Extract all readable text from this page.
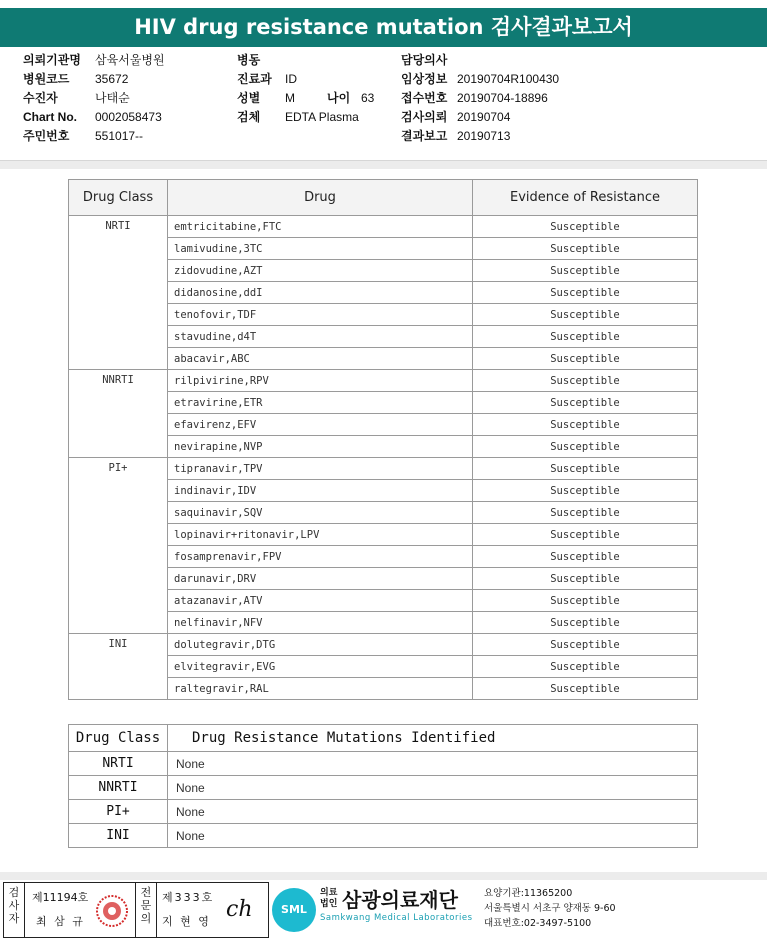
HIV drug resistance mutation 검사결과보고서
의뢰기관명 삼육서울병원
병원코드 35672
수진자	나태순
Chart No. 0002058473
주민번호 551017--
병동
진료과 ID
성별 M
검체 EDTA Plasma
담당의사
임상정보 20190704R100430
접수번호 20190704-18896
검사의뢰 20190704
결과보고 20190713
나이 63
Drug Class	Drug	Evidence of Resistance
NRTI	emtricitabine,FTC	Susceptible
	lamivudine,3TC	Susceptible
	zidovudine,AZT	Susceptible
	didanosine,ddI	Susceptible
	tenofovir,TDF	Susceptible
	stavudine,d4T	Susceptible
	abacavir,ABC	Susceptible
NNRTI	rilpivirine,RPV	Susceptible
	etravirine,ETR	Susceptible
	efavirenz,EFV	Susceptible
	nevirapine,NVP	Susceptible
PI+	tipranavir,TPV	Susceptible
	indinavir,IDV	Susceptible
	saquinavir,SQV	Susceptible
	lopinavir+ritonavir,LPV	Susceptible
	fosamprenavir,FPV	Susceptible
	darunavir,DRV	Susceptible
	atazanavir,ATV	Susceptible
	nelfinavir,NFV	Susceptible
INI	dolutegravir,DTG	Susceptible
	elvitegravir,EVG	Susceptible
	raltegravir,RAL	Susceptible
Drug Class	Drug Resistance Mutations Identified
NRTI	None
NNRTI	None
PI+	None
INI	None
검
사
자
제11194호
최 삼 규
전
문
의
제333호
지 현 영 ch	SML
의료
법인 삼광의료재단
Samkwang Medical Laboratories
요양기관:11365200
서울특별시 서초구 양재동 9-60
대표번호:02-3497-5100
